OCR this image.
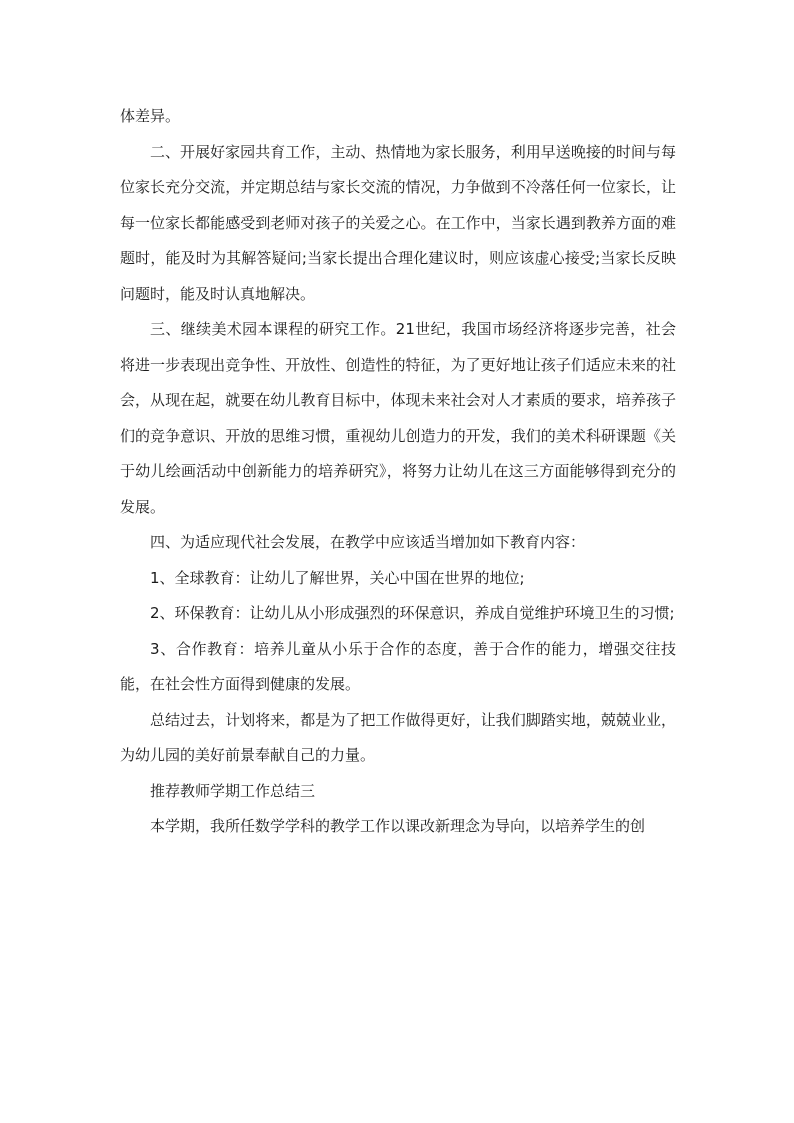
体差异。

二、开展好家园共育工作，主动、热情地为家长服务，利用早送晚接的时间与每位家长充分交流，并定期总结与家长交流的情况，力争做到不冷落任何一位家长，让每一位家长都能感受到老师对孩子的关爱之心。在工作中，当家长遇到教养方面的难题时，能及时为其解答疑问;当家长提出合理化建议时，则应该虚心接受;当家长反映问题时，能及时认真地解决。

三、继续美术园本课程的研究工作。21世纪，我国市场经济将逐步完善，社会将进一步表现出竞争性、开放性、创造性的特征，为了更好地让孩子们适应未来的社会，从现在起，就要在幼儿教育目标中，体现未来社会对人才素质的要求，培养孩子们的竞争意识、开放的思维习惯，重视幼儿创造力的开发，我们的美术科研课题《关于幼儿绘画活动中创新能力的培养研究》，将努力让幼儿在这三方面能够得到充分的发展。

四、为适应现代社会发展，在教学中应该适当增加如下教育内容：

1、全球教育：让幼儿了解世界，关心中国在世界的地位;

2、环保教育：让幼儿从小形成强烈的环保意识，养成自觉维护环境卫生的习惯;

3、合作教育：培养儿童从小乐于合作的态度，善于合作的能力，增强交往技能，在社会性方面得到健康的发展。

总结过去，计划将来，都是为了把工作做得更好，让我们脚踏实地，兢兢业业，为幼儿园的美好前景奉献自己的力量。

推荐教师学期工作总结三

本学期，我所任数学学科的教学工作以课改新理念为导向，以培养学生的创
